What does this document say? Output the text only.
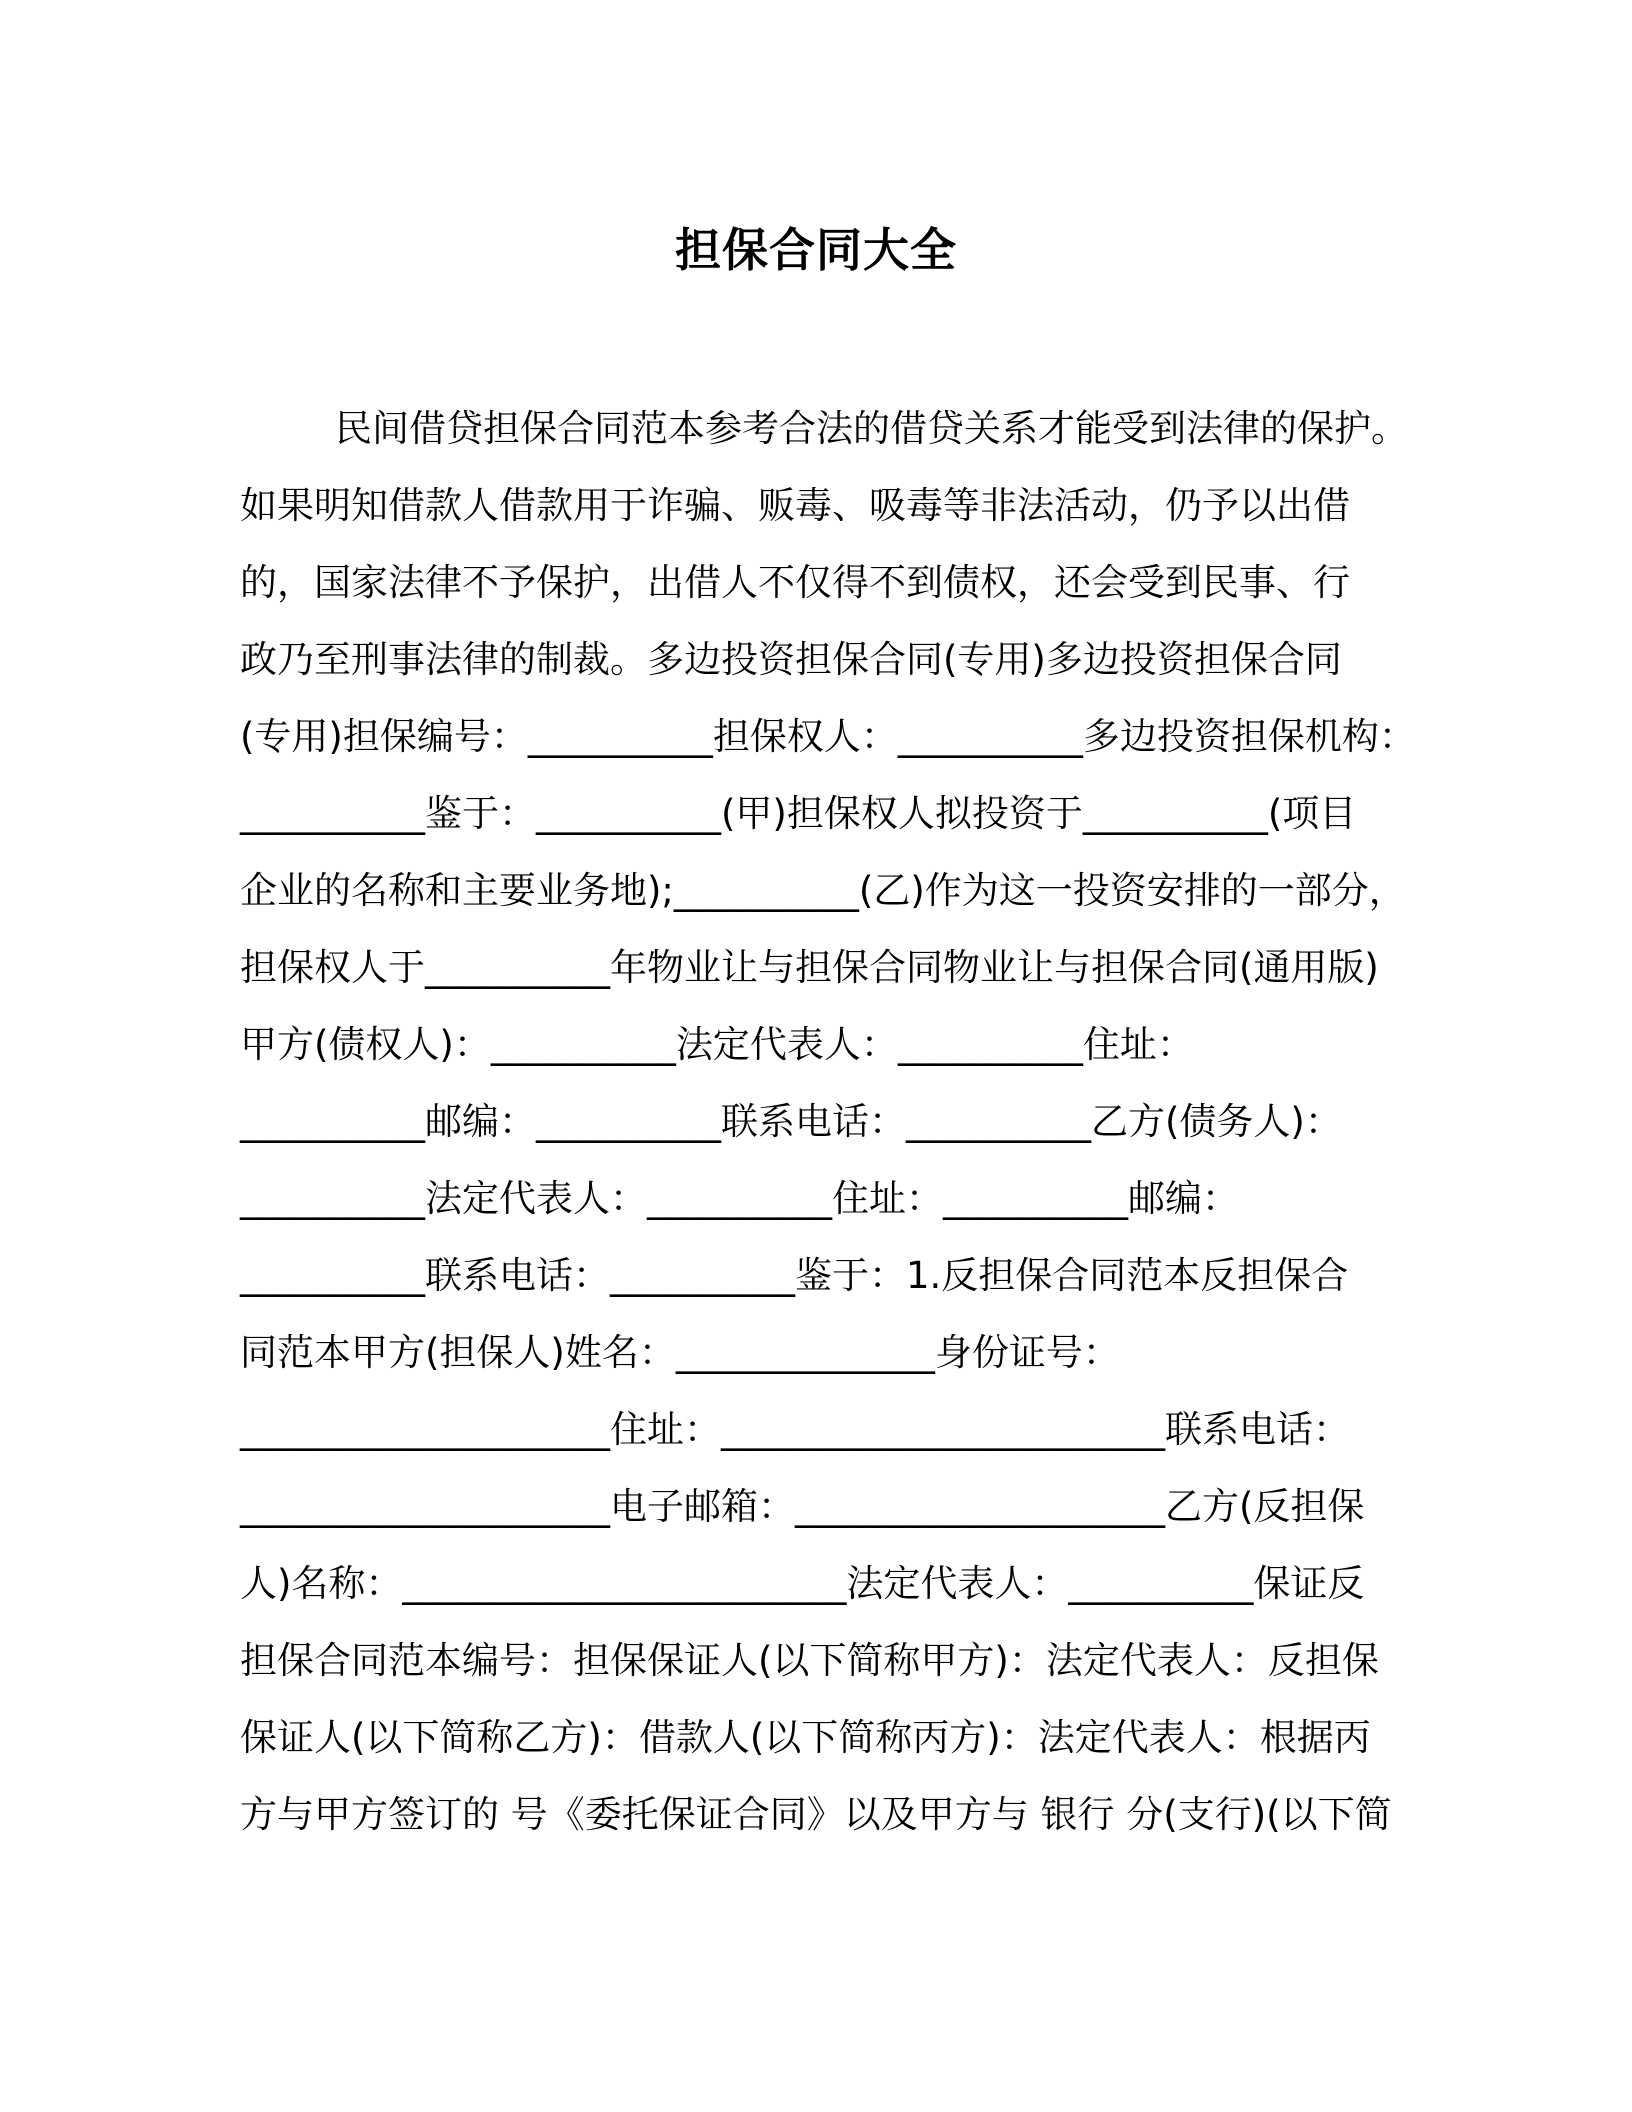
担保合同大全
民间借贷担保合同范本参考合法的借贷关系才能受到法律的保护。
如果明知借款人借款用于诈骗、贩毒、吸毒等非法活动，仍予以出借
的，国家法律不予保护，出借人不仅得不到债权，还会受到民事、行
政乃至刑事法律的制裁。多边投资担保合同(专用)多边投资担保合同
(专用)担保编号：__________担保权人：__________多边投资担保机构：
__________鉴于：__________(甲)担保权人拟投资于__________(项目
企业的名称和主要业务地);__________(乙)作为这一投资安排的一部分，
担保权人于__________年物业让与担保合同物业让与担保合同(通用版)
甲方(债权人)：__________法定代表人：__________住址：
__________邮编：__________联系电话：__________乙方(债务人)：
__________法定代表人：__________住址：__________邮编：
__________联系电话：__________鉴于：1.反担保合同范本反担保合
同范本甲方(担保人)姓名：______________身份证号：
____________________住址：________________________联系电话：
____________________电子邮箱：____________________乙方(反担保
人)名称：________________________法定代表人：__________保证反
担保合同范本编号：担保保证人(以下简称甲方)：法定代表人：反担保
保证人(以下简称乙方)：借款人(以下简称丙方)：法定代表人：根据丙
方与甲方签订的 号《委托保证合同》以及甲方与 银行 分(支行)(以下简
